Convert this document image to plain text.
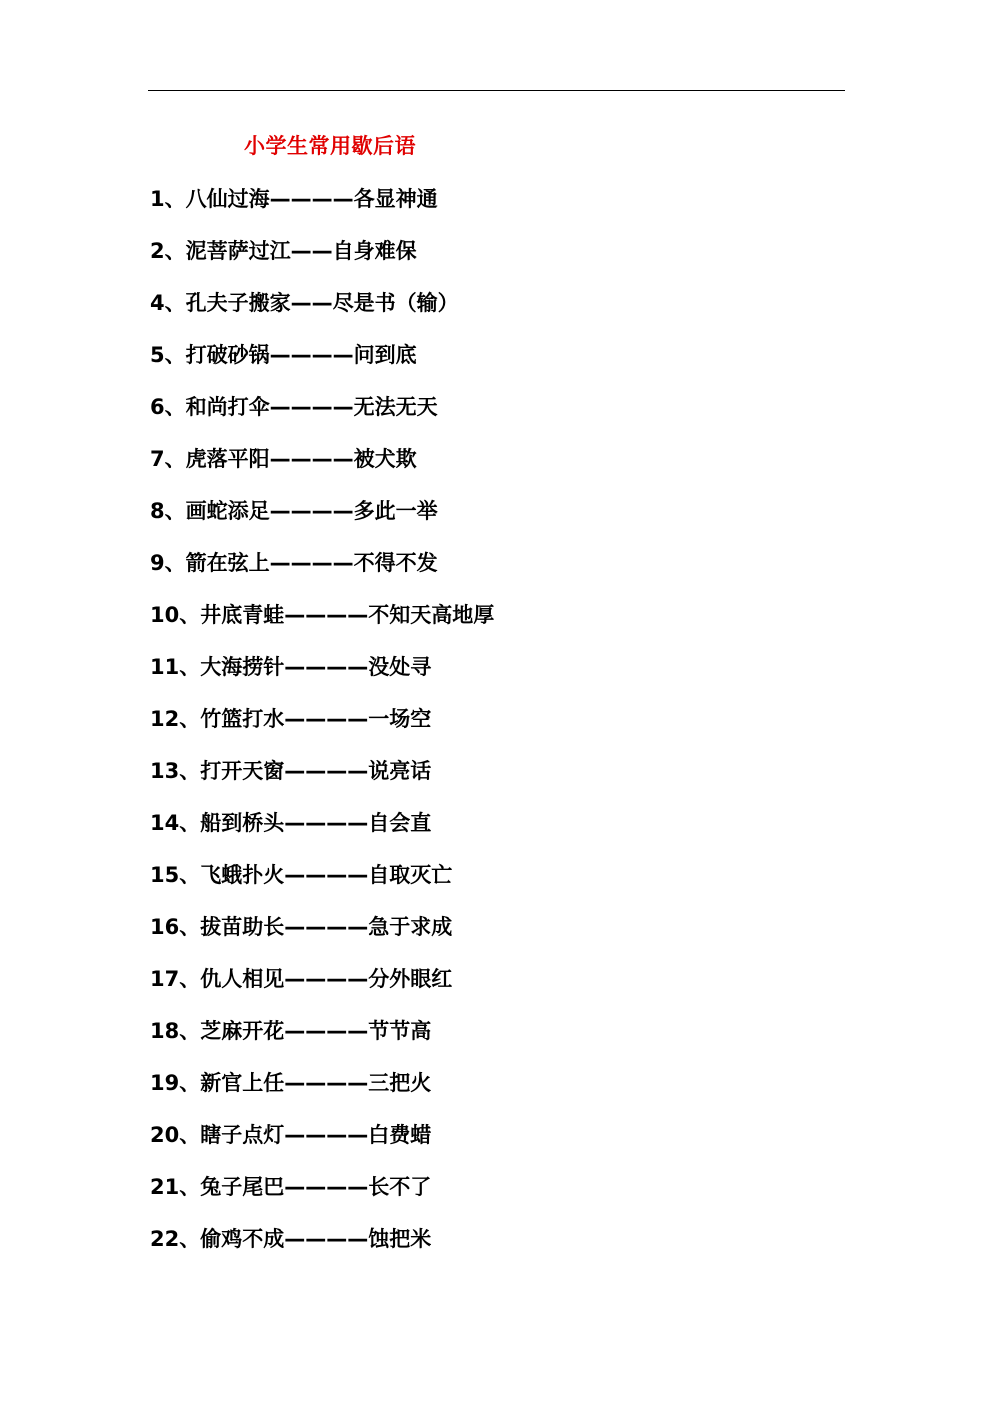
小学生常用歇后语
1、八仙过海————各显神通
2、泥菩萨过江——自身难保
4、孔夫子搬家——尽是书（输）
5、打破砂锅————问到底
6、和尚打伞————无法无天
7、虎落平阳————被犬欺
8、画蛇添足————多此一举
9、箭在弦上————不得不发
10、井底青蛙————不知天高地厚
11、大海捞针————没处寻
12、竹篮打水————一场空
13、打开天窗————说亮话
14、船到桥头————自会直
15、飞蛾扑火————自取灭亡
16、拔苗助长————急于求成
17、仇人相见————分外眼红
18、芝麻开花————节节高
19、新官上任————三把火
20、瞎子点灯————白费蜡
21、兔子尾巴————长不了
22、偷鸡不成————蚀把米
